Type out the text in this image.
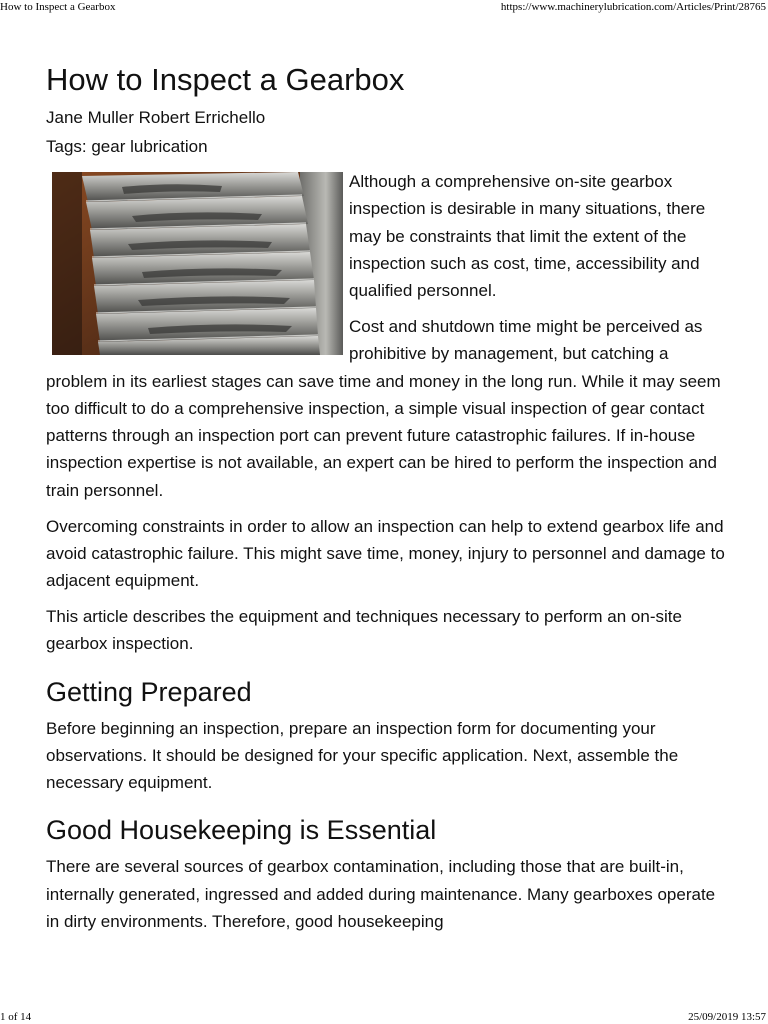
How to Inspect a Gearbox	https://www.machinerylubrication.com/Articles/Print/28765
How to Inspect a Gearbox
Jane Muller Robert Errichello
Tags: gear lubrication

Although a comprehensive on-site gearbox inspection is desirable in many situations, there may be constraints that limit the extent of the inspection such as cost, time, accessibility and qualified personnel.

Cost and shutdown time might be perceived as prohibitive by management, but catching a problem in its earliest stages can save time and money in the long run. While it may seem too difficult to do a comprehensive inspection, a simple visual inspection of gear contact patterns through an inspection port can prevent future catastrophic failures. If in-house inspection expertise is not available, an expert can be hired to perform the inspection and train personnel.

Overcoming constraints in order to allow an inspection can help to extend gearbox life and avoid catastrophic failure. This might save time, money, injury to personnel and damage to adjacent equipment.

This article describes the equipment and techniques necessary to perform an on-site gearbox inspection.

Getting Prepared

Before beginning an inspection, prepare an inspection form for documenting your observations. It should be designed for your specific application. Next, assemble the necessary equipment.

Good Housekeeping is Essential

There are several sources of gearbox contamination, including those that are built-in, internally generated, ingressed and added during maintenance. Many gearboxes operate in dirty environments. Therefore, good housekeeping

1 of 14	25/09/2019 13:57
